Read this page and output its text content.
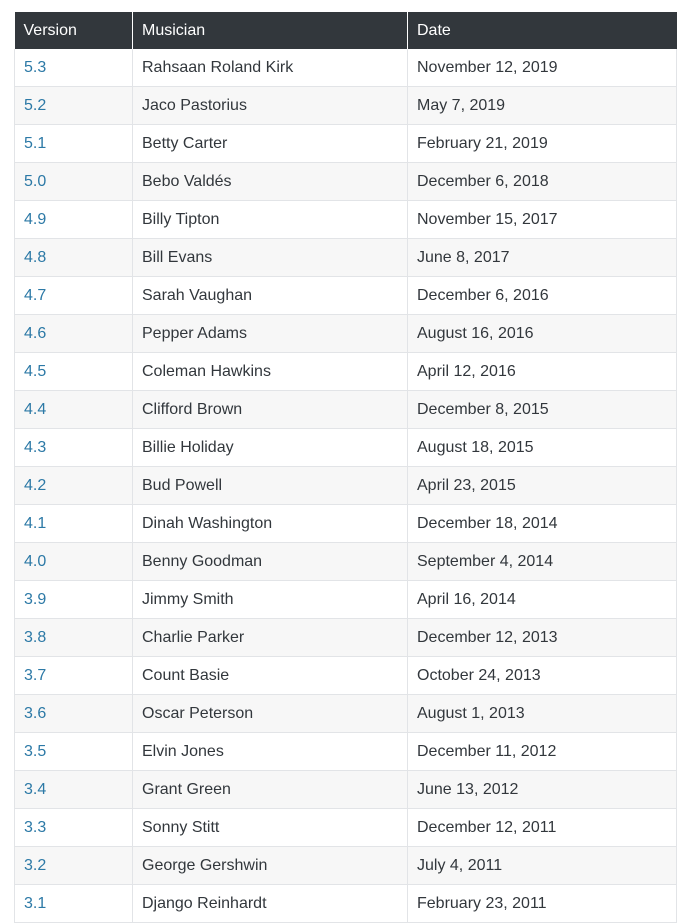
Version	Musician	Date
5.3	Rahsaan Roland Kirk	November 12, 2019
5.2	Jaco Pastorius	May 7, 2019
5.1	Betty Carter	February 21, 2019
5.0	Bebo Valdés	December 6, 2018
4.9	Billy Tipton	November 15, 2017
4.8	Bill Evans	June 8, 2017
4.7	Sarah Vaughan	December 6, 2016
4.6	Pepper Adams	August 16, 2016
4.5	Coleman Hawkins	April 12, 2016
4.4	Clifford Brown	December 8, 2015
4.3	Billie Holiday	August 18, 2015
4.2	Bud Powell	April 23, 2015
4.1	Dinah Washington	December 18, 2014
4.0	Benny Goodman	September 4, 2014
3.9	Jimmy Smith	April 16, 2014
3.8	Charlie Parker	December 12, 2013
3.7	Count Basie	October 24, 2013
3.6	Oscar Peterson	August 1, 2013
3.5	Elvin Jones	December 11, 2012
3.4	Grant Green	June 13, 2012
3.3	Sonny Stitt	December 12, 2011
3.2	George Gershwin	July 4, 2011
3.1	Django Reinhardt	February 23, 2011
